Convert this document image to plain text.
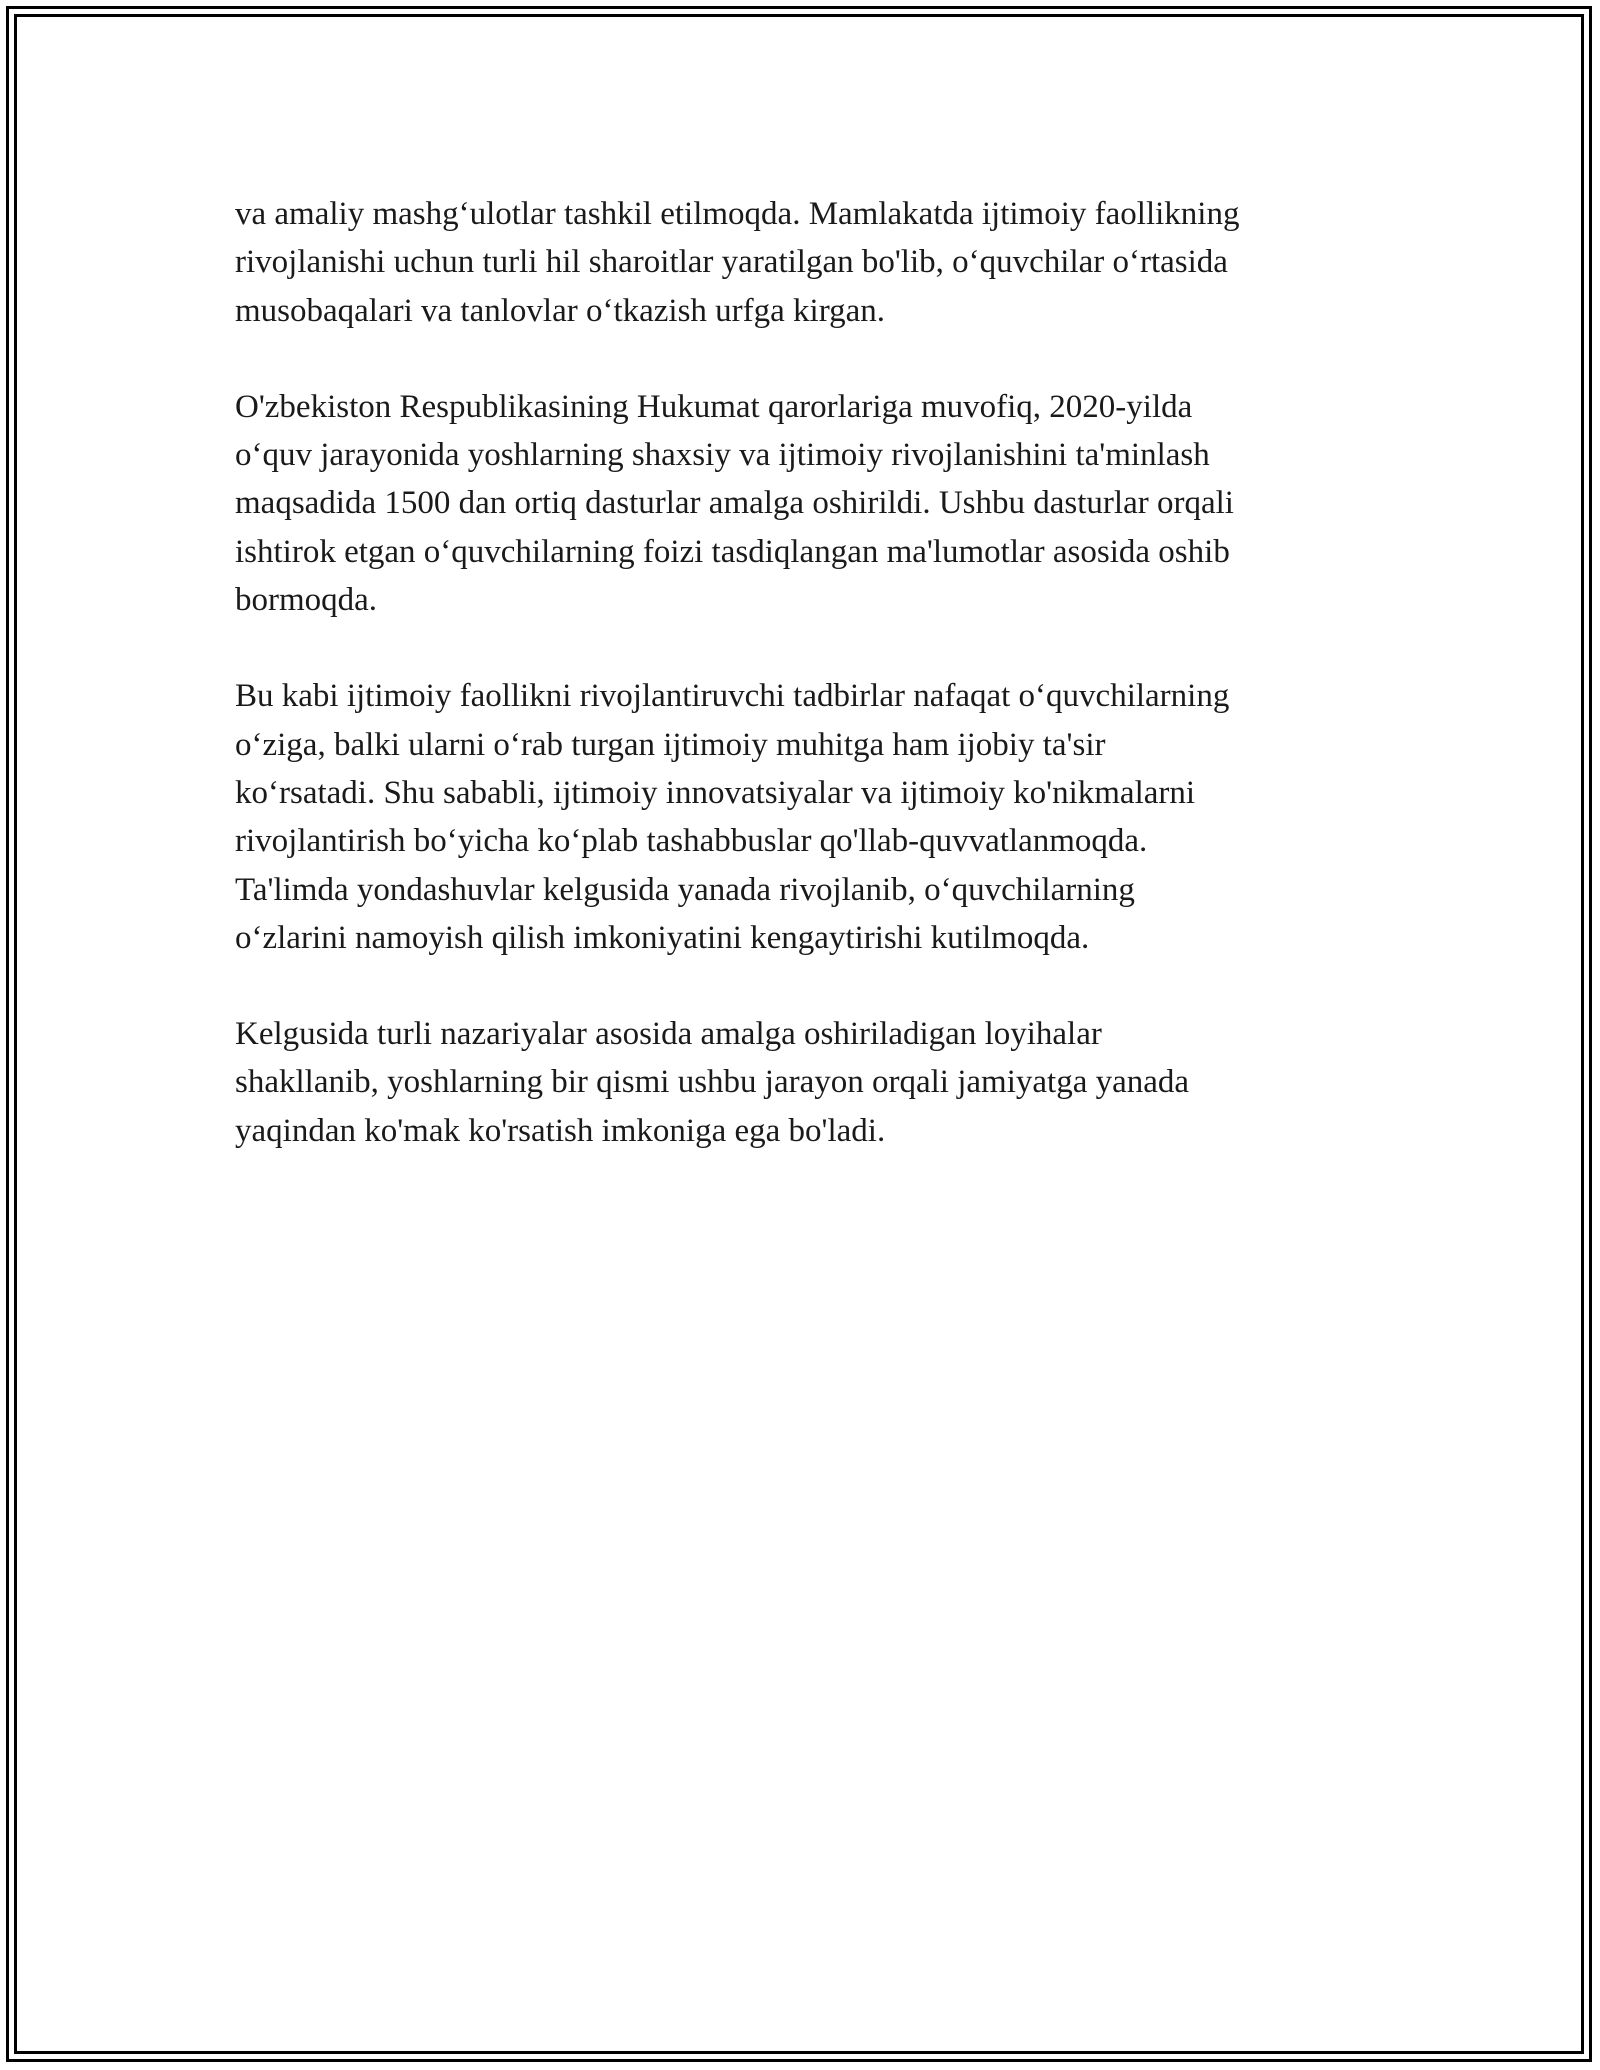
va amaliy mashg‘ulotlar tashkil etilmoqda. Mamlakatda ijtimoiy faollikning
rivojlanishi uchun turli hil sharoitlar yaratilgan bo'lib, o‘quvchilar o‘rtasida
musobaqalari va tanlovlar o‘tkazish urfga kirgan.

O'zbekiston Respublikasining Hukumat qarorlariga muvofiq, 2020-yilda
o‘quv jarayonida yoshlarning shaxsiy va ijtimoiy rivojlanishini ta'minlash
maqsadida 1500 dan ortiq dasturlar amalga oshirildi. Ushbu dasturlar orqali
ishtirok etgan o‘quvchilarning foizi tasdiqlangan ma'lumotlar asosida oshib
bormoqda.

Bu kabi ijtimoiy faollikni rivojlantiruvchi tadbirlar nafaqat o‘quvchilarning
o‘ziga, balki ularni o‘rab turgan ijtimoiy muhitga ham ijobiy ta'sir
ko‘rsatadi. Shu sababli, ijtimoiy innovatsiyalar va ijtimoiy ko'nikmalarni
rivojlantirish bo‘yicha ko‘plab tashabbuslar qo'llab-quvvatlanmoqda.
Ta'limda yondashuvlar kelgusida yanada rivojlanib, o‘quvchilarning
o‘zlarini namoyish qilish imkoniyatini kengaytirishi kutilmoqda.

Kelgusida turli nazariyalar asosida amalga oshiriladigan loyihalar
shakllanib, yoshlarning bir qismi ushbu jarayon orqali jamiyatga yanada
yaqindan ko'mak ko'rsatish imkoniga ega bo'ladi.
